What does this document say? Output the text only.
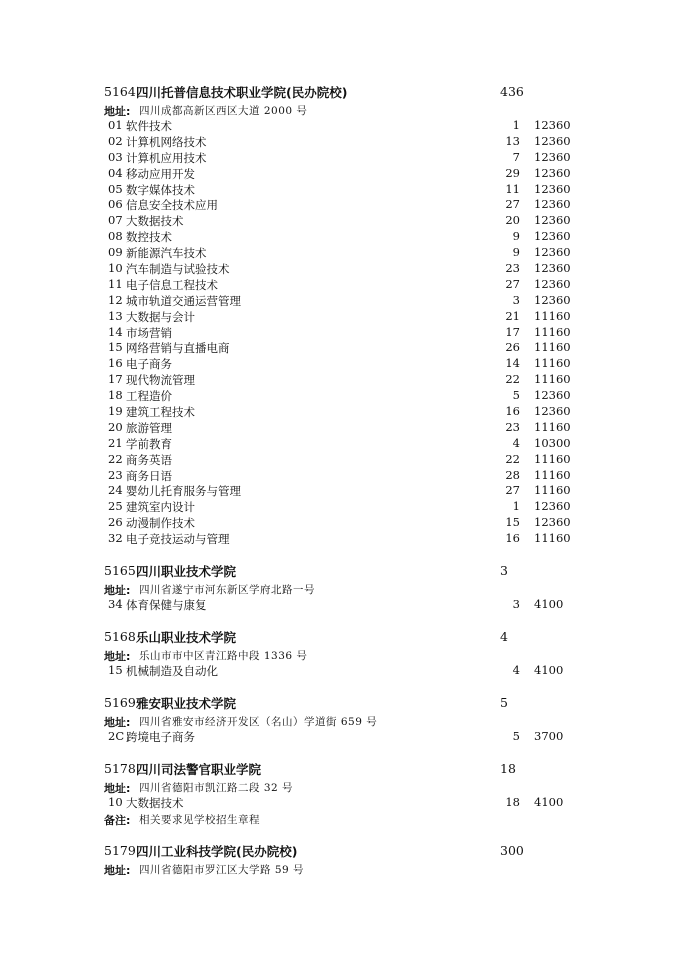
5164 四川托普信息技术职业学院(民办院校)	436
地址: 四川成都高新区西区大道 2000 号
01 软件技术	1 12360
02 计算机网络技术	13 12360
03 计算机应用技术	7 12360
04 移动应用开发	29 12360
05 数字媒体技术	11 12360
06 信息安全技术应用	27 12360
07 大数据技术	20 12360
08 数控技术	9 12360
09 新能源汽车技术	9 12360
10 汽车制造与试验技术	23 12360
11 电子信息工程技术	27 12360
12 城市轨道交通运营管理	3 12360
13 大数据与会计	21 11160
14 市场营销	17 11160
15 网络营销与直播电商	26 11160
16 电子商务	14 11160
17 现代物流管理	22 11160
18 工程造价	5 12360
19 建筑工程技术	16 12360
20 旅游管理	23 11160
21 学前教育	4 10300
22 商务英语	22 11160
23 商务日语	28 11160
24 婴幼儿托育服务与管理	27 11160
25 建筑室内设计	1 12360
26 动漫制作技术	15 12360
32 电子竞技运动与管理	16 11160
5165 四川职业技术学院	3
地址: 四川省遂宁市河东新区学府北路一号
34 体育保健与康复	3 4100
5168 乐山职业技术学院	4
地址: 乐山市市中区青江路中段 1336 号
15 机械制造及自动化	4 4100
5169 雅安职业技术学院	5
地址: 四川省雅安市经济开发区（名山）学道街 659 号
2C 跨境电子商务	5 3700
5178 四川司法警官职业学院	18
地址: 四川省德阳市凯江路二段 32 号
10 大数据技术	18 4100
备注: 相关要求见学校招生章程
5179 四川工业科技学院(民办院校)	300
地址: 四川省德阳市罗江区大学路 59 号
